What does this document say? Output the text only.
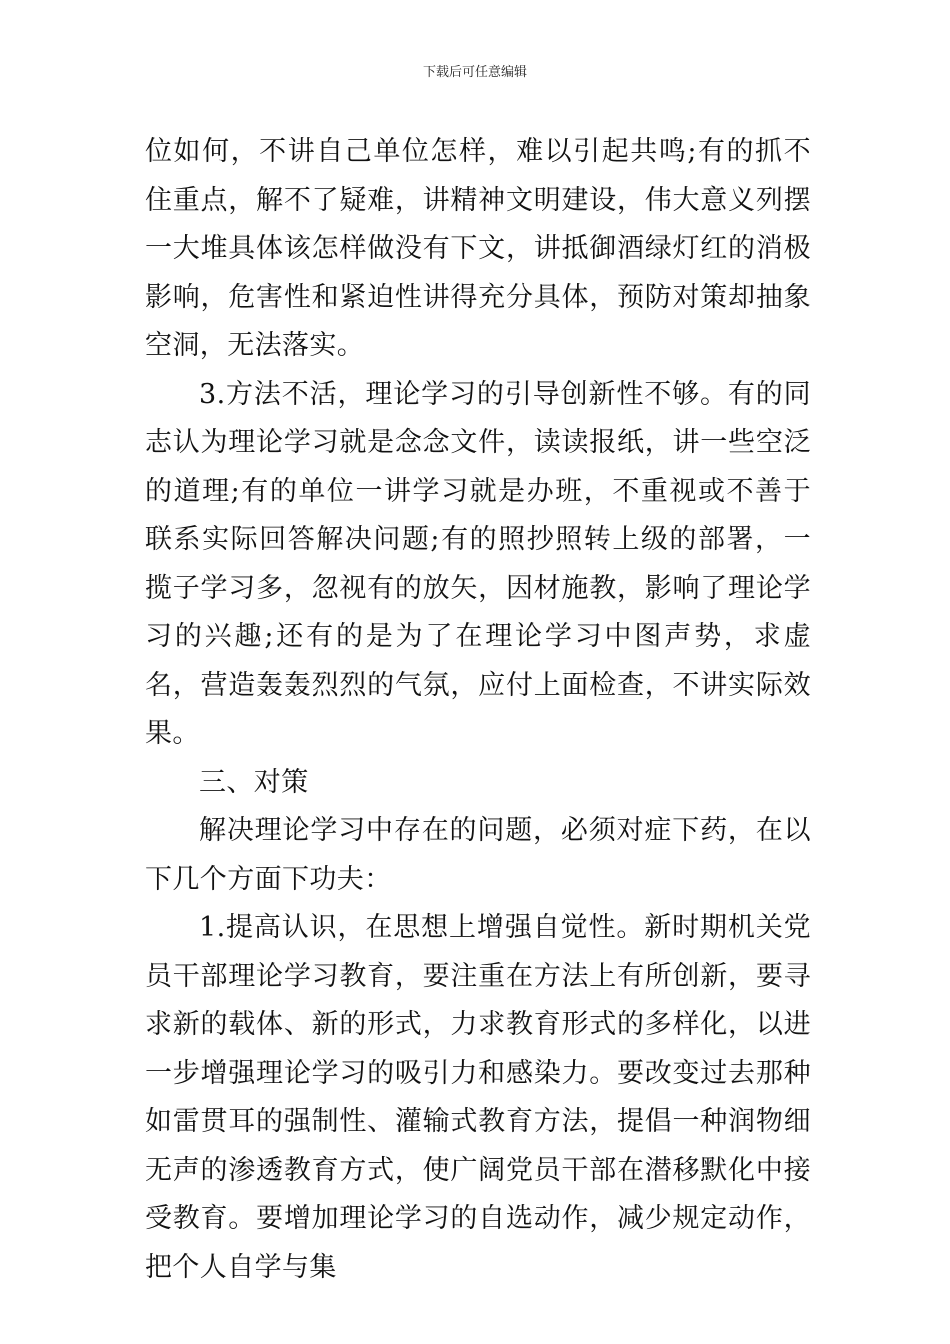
下载后可任意编辑

位如何，不讲自己单位怎样，难以引起共鸣;有的抓不住重点，解不了疑难，讲精神文明建设，伟大意义列摆一大堆具体该怎样做没有下文，讲抵御酒绿灯红的消极影响，危害性和紧迫性讲得充分具体，预防对策却抽象空洞，无法落实。

3.方法不活，理论学习的引导创新性不够。有的同志认为理论学习就是念念文件，读读报纸，讲一些空泛的道理;有的单位一讲学习就是办班，不重视或不善于联系实际回答解决问题;有的照抄照转上级的部署，一揽子学习多，忽视有的放矢，因材施教，影响了理论学习的兴趣;还有的是为了在理论学习中图声势，求虚名，营造轰轰烈烈的气氛，应付上面检查，不讲实际效果。

三、对策

解决理论学习中存在的问题，必须对症下药，在以下几个方面下功夫：

1.提高认识，在思想上增强自觉性。新时期机关党员干部理论学习教育，要注重在方法上有所创新，要寻求新的载体、新的形式，力求教育形式的多样化，以进一步增强理论学习的吸引力和感染力。要改变过去那种如雷贯耳的强制性、灌输式教育方法，提倡一种润物细无声的渗透教育方式，使广阔党员干部在潜移默化中接受教育。要增加理论学习的自选动作，减少规定动作，把个人自学与集
